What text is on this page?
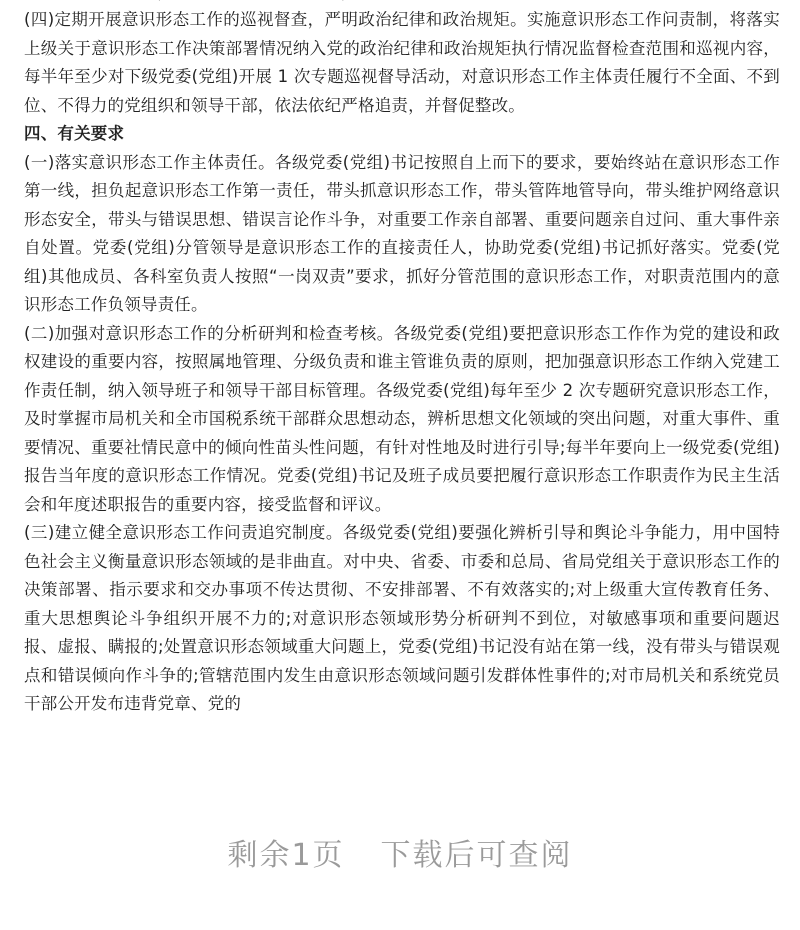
(四)定期开展意识形态工作的巡视督查，严明政治纪律和政治规矩。实施意识形态工作问责制，将落实上级关于意识形态工作决策部署情况纳入党的政治纪律和政治规矩执行情况监督检查范围和巡视内容，每半年至少对下级党委(党组)开展 1 次专题巡视督导活动，对意识形态工作主体责任履行不全面、不到位、不得力的党组织和领导干部，依法依纪严格追责，并督促整改。

四、有关要求

(一)落实意识形态工作主体责任。各级党委(党组)书记按照自上而下的要求，要始终站在意识形态工作第一线，担负起意识形态工作第一责任，带头抓意识形态工作，带头管阵地管导向，带头维护网络意识形态安全，带头与错误思想、错误言论作斗争，对重要工作亲自部署、重要问题亲自过问、重大事件亲自处置。党委(党组)分管领导是意识形态工作的直接责任人，协助党委(党组)书记抓好落实。党委(党组)其他成员、各科室负责人按照“一岗双责”要求，抓好分管范围的意识形态工作，对职责范围内的意识形态工作负领导责任。

(二)加强对意识形态工作的分析研判和检查考核。各级党委(党组)要把意识形态工作作为党的建设和政权建设的重要内容，按照属地管理、分级负责和谁主管谁负责的原则，把加强意识形态工作纳入党建工作责任制，纳入领导班子和领导干部目标管理。各级党委(党组)每年至少 2 次专题研究意识形态工作，及时掌握市局机关和全市国税系统干部群众思想动态，辨析思想文化领域的突出问题，对重大事件、重要情况、重要社情民意中的倾向性苗头性问题，有针对性地及时进行引导;每半年要向上一级党委(党组)报告当年度的意识形态工作情况。党委(党组)书记及班子成员要把履行意识形态工作职责作为民主生活会和年度述职报告的重要内容，接受监督和评议。

(三)建立健全意识形态工作问责追究制度。各级党委(党组)要强化辨析引导和舆论斗争能力，用中国特色社会主义衡量意识形态领域的是非曲直。对中央、省委、市委和总局、省局党组关于意识形态工作的决策部署、指示要求和交办事项不传达贯彻、不安排部署、不有效落实的;对上级重大宣传教育任务、重大思想舆论斗争组织开展不力的;对意识形态领域形势分析研判不到位，对敏感事项和重要问题迟报、虚报、瞒报的;处置意识形态领域重大问题上，党委(党组)书记没有站在第一线，没有带头与错误观点和错误倾向作斗争的;管辖范围内发生由意识形态领域问题引发群体性事件的;对市局机关和系统党员干部公开发布违背党章、党的

剩余1页 下载后可查阅
